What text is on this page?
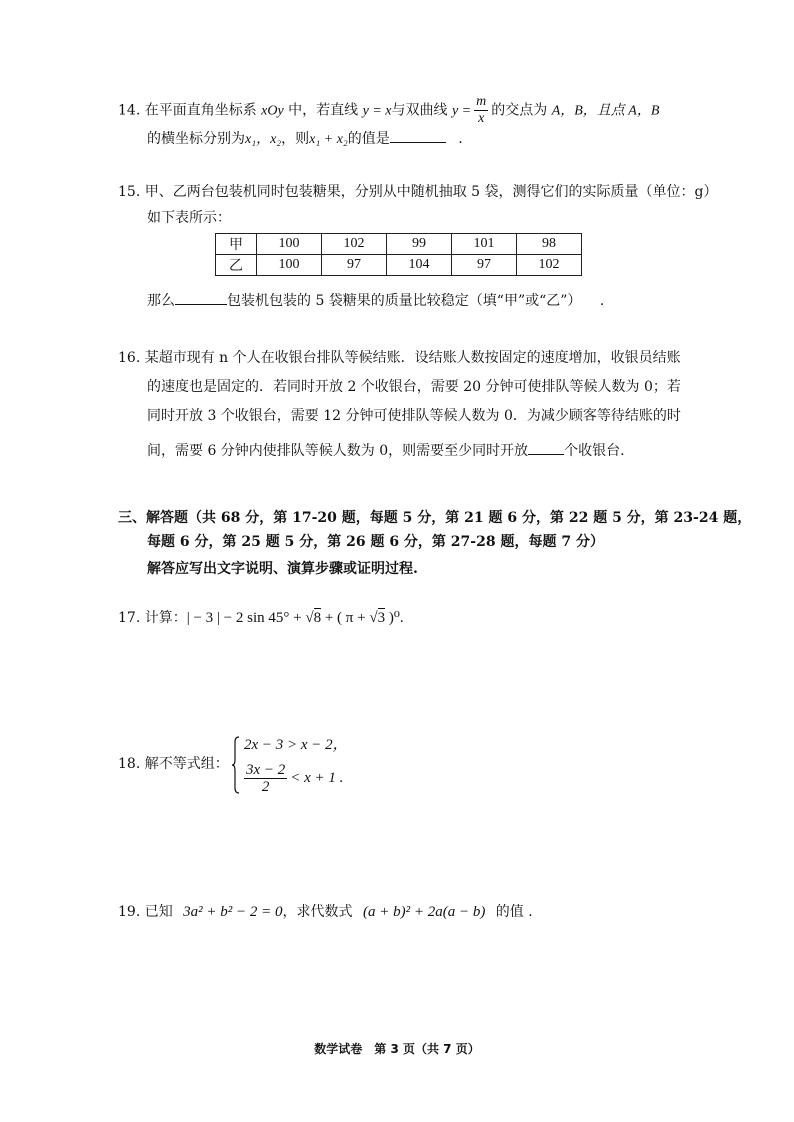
14. 在平面直角坐标系 xOy 中，若直线 y = x与双曲线 $y = \frac{m}{x}$ 的交点为 A，B，且点 A，B
的横坐标分别为x₁，x₂，则x₁ + x₂的值是	.
15. 甲、乙两台包装机同时包装糖果，分别从中随机抽取 5 袋，测得它们的实际质量（单位：g）
如下表所示：
甲	100	102	99	101	98
乙	100	97	104	97	102
那么	包装机包装的 5 袋糖果的质量比较稳定（填“甲”或“乙”） .
16. 某超市现有 n 个人在收银台排队等候结账．设结账人数按固定的速度增加，收银员结账
的速度也是固定的．若同时开放 2 个收银台，需要 20 分钟可使排队等候人数为 0；若
同时开放 3 个收银台，需要 12 分钟可使排队等候人数为 0．为减少顾客等待结账的时
间，需要 6 分钟内使排队等候人数为 0，则需要至少同时开放	个收银台.
三、解答题（共 68 分，第 17-20 题，每题 5 分，第 21 题 6 分，第 22 题 5 分，第 23-24 题，
每题 6 分，第 25 题 5 分，第 26 题 6 分，第 27-28 题，每题 7 分）
解答应写出文字说明、演算步骤或证明过程.
17. 计算：| − 3 | − 2 sin 45° + √8 + ( π + √3 )⁰.
18. 解不等式组：
2x − 3 > x − 2，
$\frac{3x - 2}{2} < x + 1$ .
19. 已知 3a² + b² − 2 = 0，求代数式 (a + b)² + 2a(a − b) 的值 .
数学试卷　第 3 页（共 7 页）
